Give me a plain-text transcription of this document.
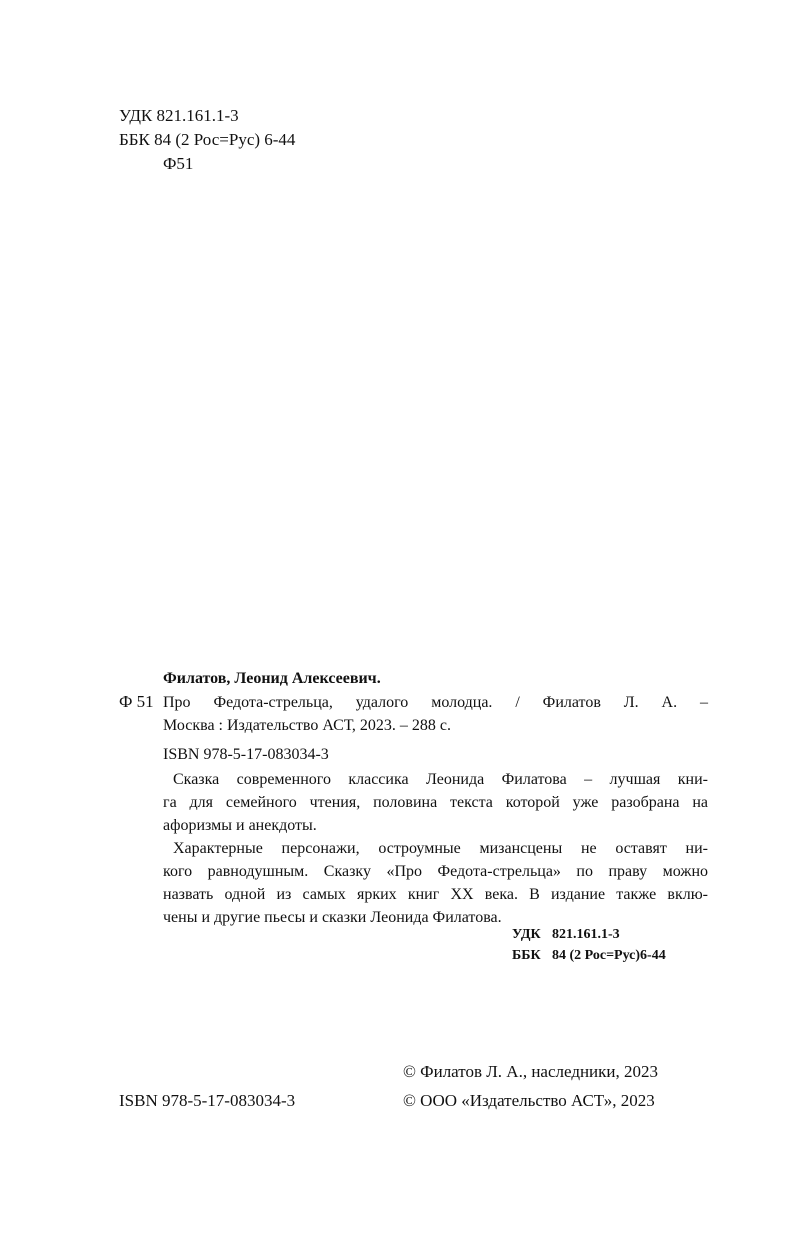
УДК 821.161.1-3
ББК 84 (2 Рос=Рус) 6-44
Ф51
Филатов, Леонид Алексеевич.
Ф 51 Про Федота-стрельца, удалого молодца. / Филатов Л. А. –
Москва : Издательство АСТ, 2023. – 288 с.
ISBN 978-5-17-083034-3
Сказка современного классика Леонида Филатова – лучшая кни-
га для семейного чтения, половина текста которой уже разобрана на
афоризмы и анекдоты.
Характерные персонажи, остроумные мизансцены не оставят ни-
кого равнодушным. Сказку «Про Федота-стрельца» по праву можно
назвать одной из самых ярких книг XX века. В издание также вклю-
чены и другие пьесы и сказки Леонида Филатова.
УДК 821.161.1-3
ББК 84 (2 Рос=Рус)6-44
© Филатов Л. А., наследники, 2023
ISBN 978-5-17-083034-3	© ООО «Издательство АСТ», 2023
